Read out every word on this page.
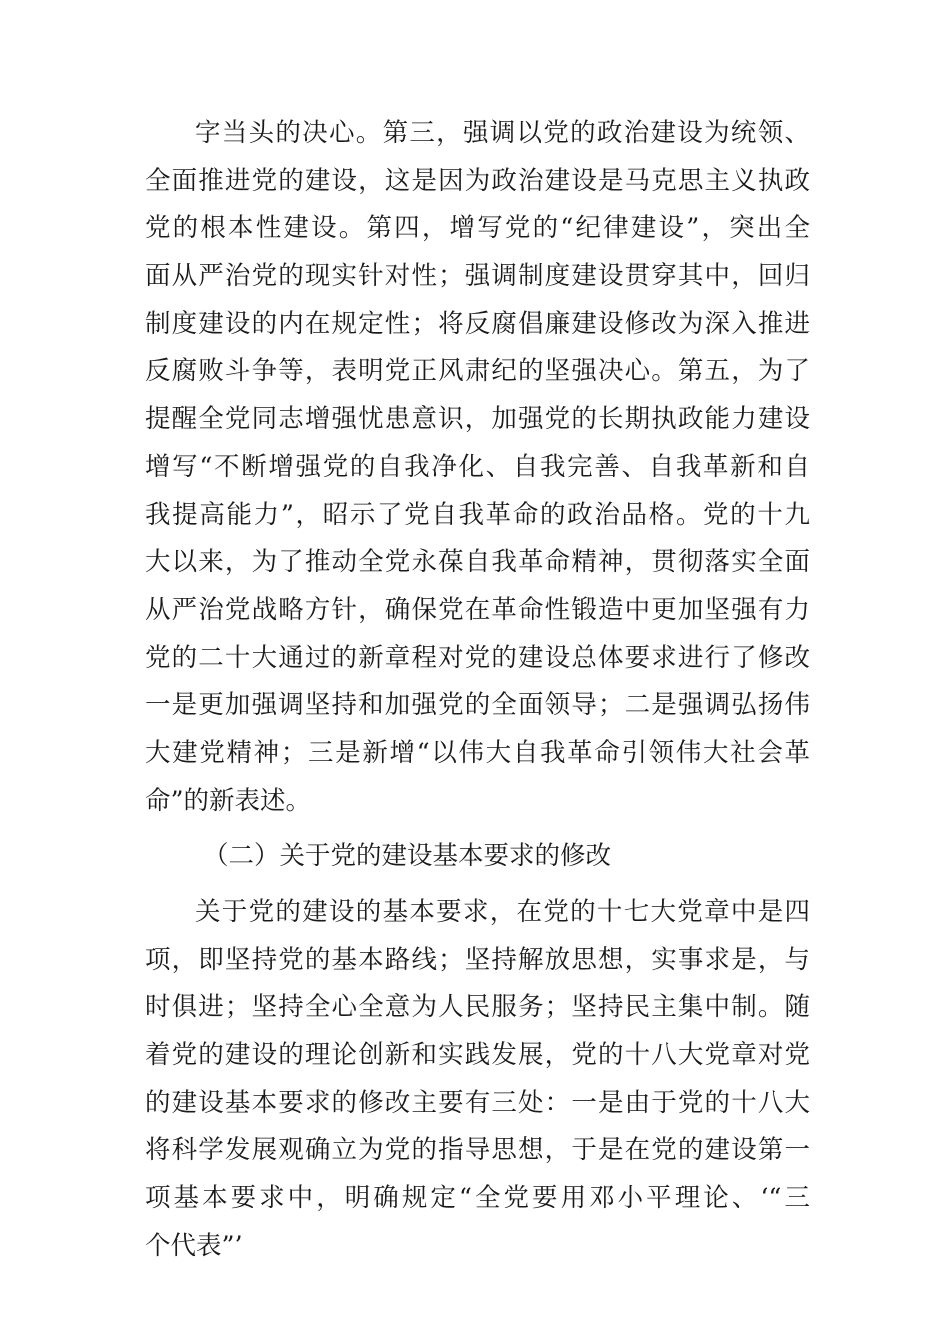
字当头的决心。第三，强调以党的政治建设为统领、
全面推进党的建设，这是因为政治建设是马克思主义执政
党的根本性建设。第四，增写党的“纪律建设”，突出全
面从严治党的现实针对性；强调制度建设贯穿其中，回归
制度建设的内在规定性；将反腐倡廉建设修改为深入推进
反腐败斗争等，表明党正风肃纪的坚强决心。第五，为了
提醒全党同志增强忧患意识，加强党的长期执政能力建设
增写“不断增强党的自我净化、自我完善、自我革新和自
我提高能力”，昭示了党自我革命的政治品格。党的十九
大以来，为了推动全党永葆自我革命精神，贯彻落实全面
从严治党战略方针，确保党在革命性锻造中更加坚强有力
党的二十大通过的新章程对党的建设总体要求进行了修改
一是更加强调坚持和加强党的全面领导；二是强调弘扬伟
大建党精神；三是新增“以伟大自我革命引领伟大社会革
命”的新表述。
（二）关于党的建设基本要求的修改
关于党的建设的基本要求，在党的十七大党章中是四
项，即坚持党的基本路线；坚持解放思想，实事求是，与
时俱进；坚持全心全意为人民服务；坚持民主集中制。随
着党的建设的理论创新和实践发展，党的十八大党章对党
的建设基本要求的修改主要有三处：一是由于党的十八大
将科学发展观确立为党的指导思想，于是在党的建设第一
项基本要求中，明确规定“全党要用邓小平理论、‘“三
个代表”’
